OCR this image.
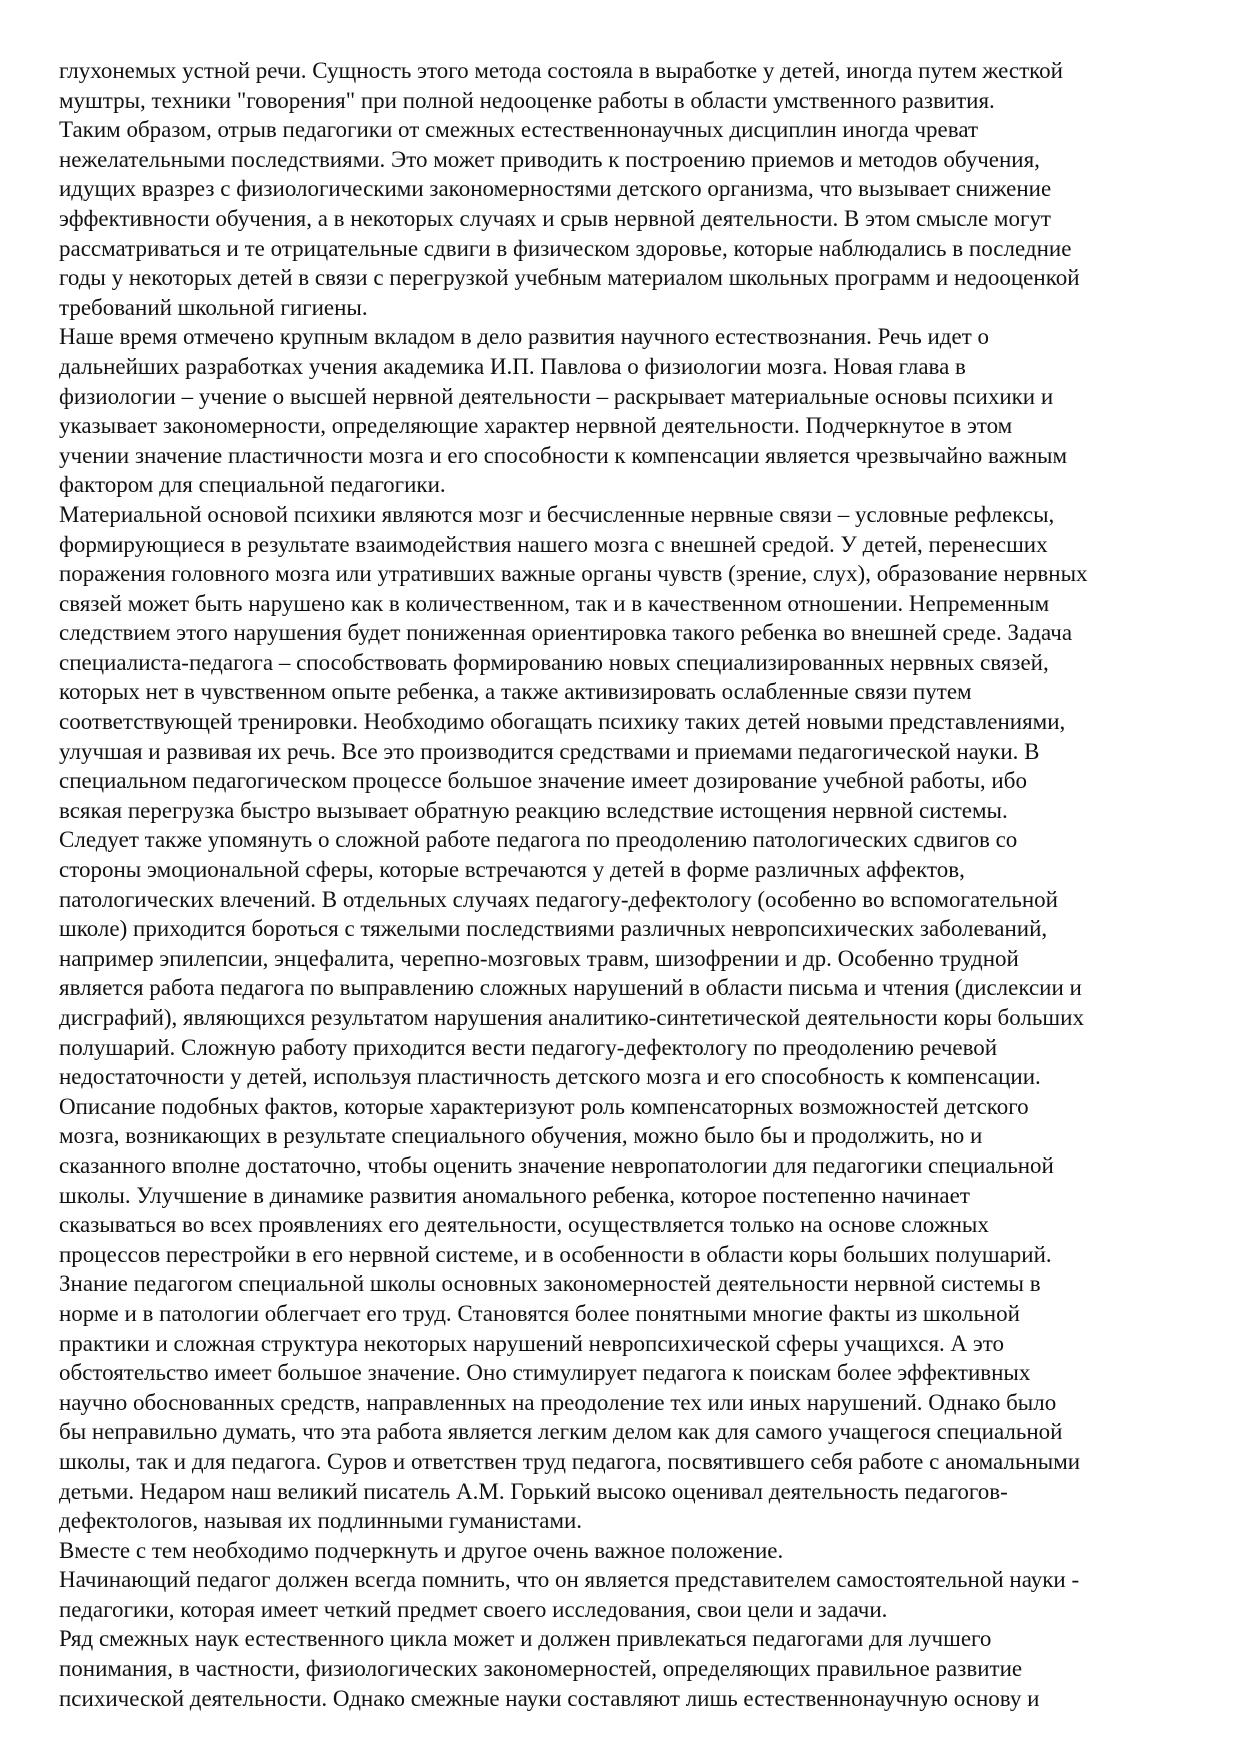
глухонемых устной речи. Сущность этого метода состояла в выработке у детей, иногда путем жесткой
муштры, техники "говорения" при полной недооценке работы в области умственного развития.

Таким образом, отрыв педагогики от смежных естественнонаучных дисциплин иногда чреват
нежелательными последствиями. Это может приводить к построению приемов и методов обучения,
идущих вразрез с физиологическими закономерностями детского организма, что вызывает снижение
эффективности обучения, а в некоторых случаях и срыв нервной деятельности. В этом смысле могут
рассматриваться и те отрицательные сдвиги в физическом здоровье, которые наблюдались в последние
годы у некоторых детей в связи с перегрузкой учебным материалом школьных программ и недооценкой
требований школьной гигиены.

Наше время отмечено крупным вкладом в дело развития научного естествознания. Речь идет о
дальнейших разработках учения академика И.П. Павлова о физиологии мозга. Новая глава в
физиологии – учение о высшей нервной деятельности – раскрывает материальные основы психики и
указывает закономерности, определяющие характер нервной деятельности. Подчеркнутое в этом
учении значение пластичности мозга и его способности к компенсации является чрезвычайно важным
фактором для специальной педагогики.

Материальной основой психики являются мозг и бесчисленные нервные связи – условные рефлексы,
формирующиеся в результате взаимодействия нашего мозга с внешней средой. У детей, перенесших
поражения головного мозга или утративших важные органы чувств (зрение, слух), образование нервных
связей может быть нарушено как в количественном, так и в качественном отношении. Непременным
следствием этого нарушения будет пониженная ориентировка такого ребенка во внешней среде. Задача
специалиста-педагога – способствовать формированию новых специализированных нервных связей,
которых нет в чувственном опыте ребенка, а также активизировать ослабленные связи путем
соответствующей тренировки. Необходимо обогащать психику таких детей новыми представлениями,
улучшая и развивая их речь. Все это производится средствами и приемами педагогической науки. В
специальном педагогическом процессе большое значение имеет дозирование учебной работы, ибо
всякая перегрузка быстро вызывает обратную реакцию вследствие истощения нервной системы.

Следует также упомянуть о сложной работе педагога по преодолению патологических сдвигов со
стороны эмоциональной сферы, которые встречаются у детей в форме различных аффектов,
патологических влечений. В отдельных случаях педагогу-дефектологу (особенно во вспомогательной
школе) приходится бороться с тяжелыми последствиями различных невропсихических заболеваний,
например эпилепсии, энцефалита, черепно-мозговых травм, шизофрении и др. Особенно трудной
является работа педагога по выправлению сложных нарушений в области письма и чтения (дислексии и
дисграфий), являющихся результатом нарушения аналитико-синтетической деятельности коры больших
полушарий. Сложную работу приходится вести педагогу-дефектологу по преодолению речевой
недостаточности у детей, используя пластичность детского мозга и его способность к компенсации.

Описание подобных фактов, которые характеризуют роль компенсаторных возможностей детского
мозга, возникающих в результате специального обучения, можно было бы и продолжить, но и
сказанного вполне достаточно, чтобы оценить значение невропатологии для педагогики специальной
школы. Улучшение в динамике развития аномального ребенка, которое постепенно начинает
сказываться во всех проявлениях его деятельности, осуществляется только на основе сложных
процессов перестройки в его нервной системе, и в особенности в области коры больших полушарий.

Знание педагогом специальной школы основных закономерностей деятельности нервной системы в
норме и в патологии облегчает его труд. Становятся более понятными многие факты из школьной
практики и сложная структура некоторых нарушений невропсихической сферы учащихся. А это
обстоятельство имеет большое значение. Оно стимулирует педагога к поискам более эффективных
научно обоснованных средств, направленных на преодоление тех или иных нарушений. Однако было
бы неправильно думать, что эта работа является легким делом как для самого учащегося специальной
школы, так и для педагога. Суров и ответствен труд педагога, посвятившего себя работе с аномальными
детьми. Недаром наш великий писатель А.М. Горький высоко оценивал деятельность педагогов-
дефектологов, называя их подлинными гуманистами.

Вместе с тем необходимо подчеркнуть и другое очень важное положение.

Начинающий педагог должен всегда помнить, что он является представителем самостоятельной науки -
педагогики, которая имеет четкий предмет своего исследования, свои цели и задачи.

Ряд смежных наук естественного цикла может и должен привлекаться педагогами для лучшего
понимания, в частности, физиологических закономерностей, определяющих правильное развитие
психической деятельности. Однако смежные науки составляют лишь естественнонаучную основу и
